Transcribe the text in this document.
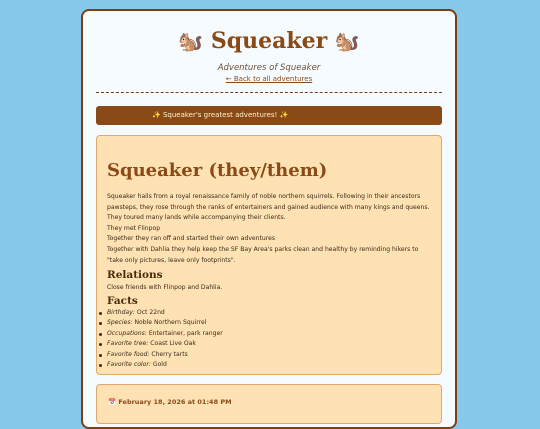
🐿️ Squeaker 🐿️
Adventures of Squeaker
← Back to all adventures
✨ Squeaker's greatest adventures! ✨
Squeaker (they/them)

Squeaker hails from a royal renaissance family of noble northern squirrels. Following in their ancestors pawsteps, they rose through the ranks of entertainers and gained audience with many kings and queens.

They toured many lands while accompanying their clients.

They met Flinpop

Together they ran off and started their own adventures

Together with Dahlia they help keep the SF Bay Area's parks clean and healthy by reminding hikers to "take only pictures, leave only footprints".

Relations
Close friends with Flinpop and Dahlia.
Facts
Birthday: Oct 22nd
Species: Noble Northern Squirrel
Occupations: Entertainer, park ranger
Favorite tree: Coast Live Oak
Favorite food: Cherry tarts
Favorite color: Gold
📅 February 18, 2026 at 01:48 PM
